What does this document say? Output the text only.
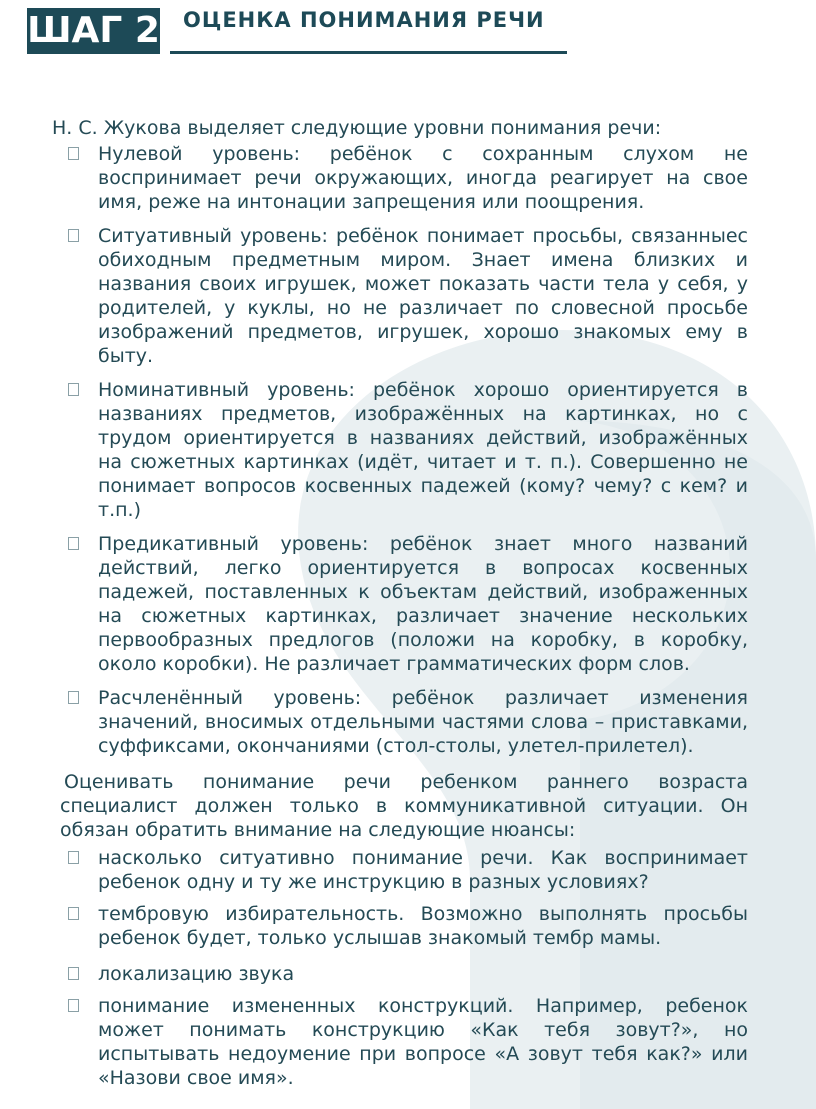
ШАГ 2 ОЦЕНКА ПОНИМАНИЯ РЕЧИ

Н. С. Жукова выделяет следующие уровни понимания речи:

Нулевой уровень: ребёнок с сохранным слухом не воспринимает речи окружающих, иногда реагирует на свое имя, реже на интонации запрещения или поощрения.
Ситуативный уровень: ребёнок понимает просьбы, связанныес обиходным предметным миром. Знает имена близких и названия своих игрушек, может показать части тела у себя, у родителей, у куклы, но не различает по словесной просьбе изображений предметов, игрушек, хорошо знакомых ему в быту.
Номинативный уровень: ребёнок хорошо ориентируется в названиях предметов, изображённых на картинках, но с трудом ориентируется в названиях действий, изображённых на сюжетных картинках (идёт, читает и т. п.). Совершенно не понимает вопросов косвенных падежей (кому? чему? с кем? и т.п.)
Предикативный уровень: ребёнок знает много названий действий, легко ориентируется в вопросах косвенных падежей, поставленных к объектам действий, изображенных на сюжетных картинках, различает значение нескольких первообразных предлогов (положи на коробку, в коробку, около коробки). Не различает грамматических форм слов.
Расчленённый уровень: ребёнок различает изменения значений, вносимых отдельными частями слова – приставками, суффиксами, окончаниями (стол-столы, улетел-прилетел).

Оценивать понимание речи ребенком раннего возраста специалист должен только в коммуникативной ситуации. Он обязан обратить внимание на следующие нюансы:

насколько ситуативно понимание речи. Как воспринимает ребенок одну и ту же инструкцию в разных условиях?
тембровую избирательность. Возможно выполнять просьбы ребенок будет, только услышав знакомый тембр мамы.
локализацию звука
понимание измененных конструкций. Например, ребенок может понимать конструкцию «Как тебя зовут?», но испытывать недоумение при вопросе «А зовут тебя как?» или «Назови свое имя».
